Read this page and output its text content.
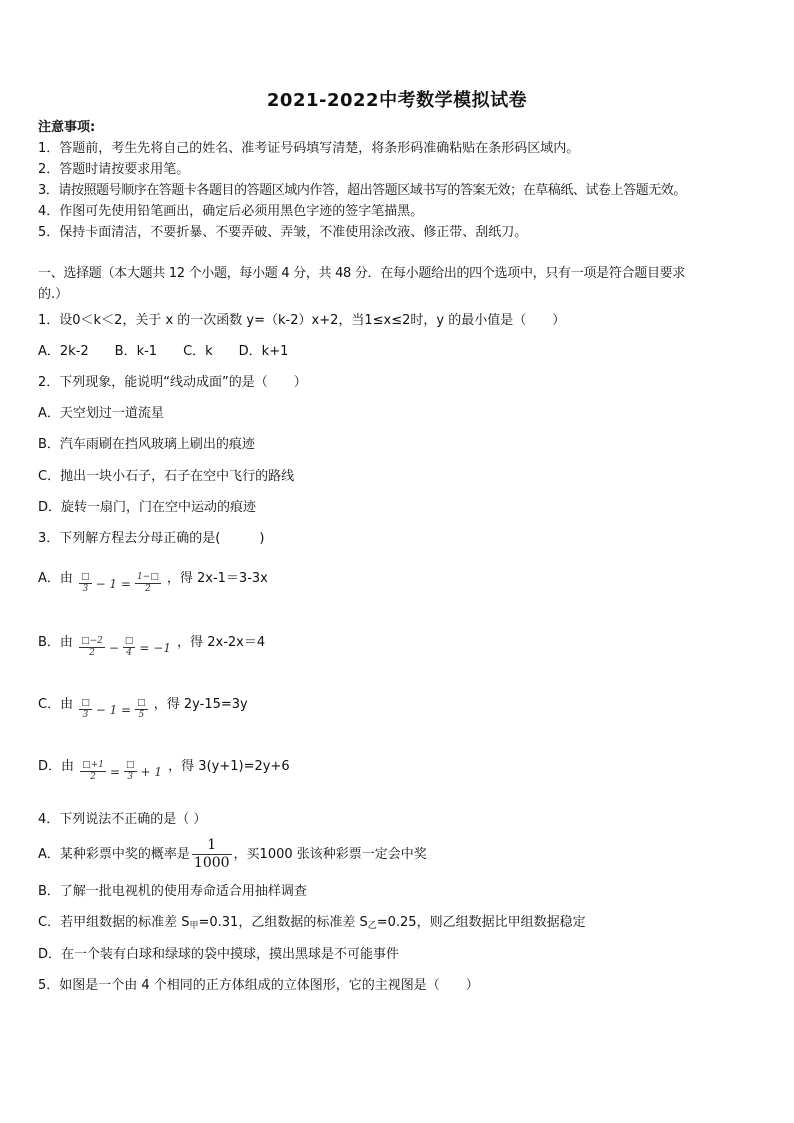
2021-2022中考数学模拟试卷
注意事项:
1．答题前，考生先将自己的姓名、准考证号码填写清楚，将条形码准确粘贴在条形码区域内。
2．答题时请按要求用笔。
3．请按照题号顺序在答题卡各题目的答题区域内作答，超出答题区域书写的答案无效；在草稿纸、试卷上答题无效。
4．作图可先使用铅笔画出，确定后必须用黑色字迹的签字笔描黑。
5．保持卡面清洁，不要折暴、不要弄破、弄皱，不准使用涂改液、修正带、刮纸刀。
一、选择题（本大题共 12 个小题，每小题 4 分，共 48 分．在每小题给出的四个选项中，只有一项是符合题目要求
的.）
1．设0＜k＜2，关于 x 的一次函数 y=（k-2）x+2，当1≤x≤2时，y 的最小值是（　　）
A．2k-2　　B．k-1　　C．k　　D．k+1
2．下列现象，能说明“线动成面”的是（　　）
A．天空划过一道流星
B．汽车雨刷在挡风玻璃上刷出的痕迹
C．抛出一块小石子，石子在空中飞行的路线
D．旋转一扇门，门在空中运动的痕迹
3．下列解方程去分母正确的是(　　　)
A．由 $\frac{□}{3} - 1 = \frac{1-□}{2}$ ，得 2x-1＝3-3x
B．由 $\frac{□-2}{2} - \frac{□}{4} = -1$ ，得 2x-2x＝4
C．由 $\frac{□}{3} - 1 = \frac{□}{5}$ ，得 2y-15=3y
D．由 $\frac{□+1}{2} = \frac{□}{3} + 1$ ，得 3(y+1)=2y+6
4．下列说法不正确的是（ ）
A．某种彩票中奖的概率是 $\frac{1}{1000}$ ，买1000 张该种彩票一定会中奖
B．了解一批电视机的使用寿命适合用抽样调查
C．若甲组数据的标准差 $S_甲=0.31$，乙组数据的标准差 $S_乙=0.25$，则乙组数据比甲组数据稳定
D．在一个装有白球和绿球的袋中摸球，摸出黑球是不可能事件
5．如图是一个由 4 个相同的正方体组成的立体图形，它的主视图是（　　）
